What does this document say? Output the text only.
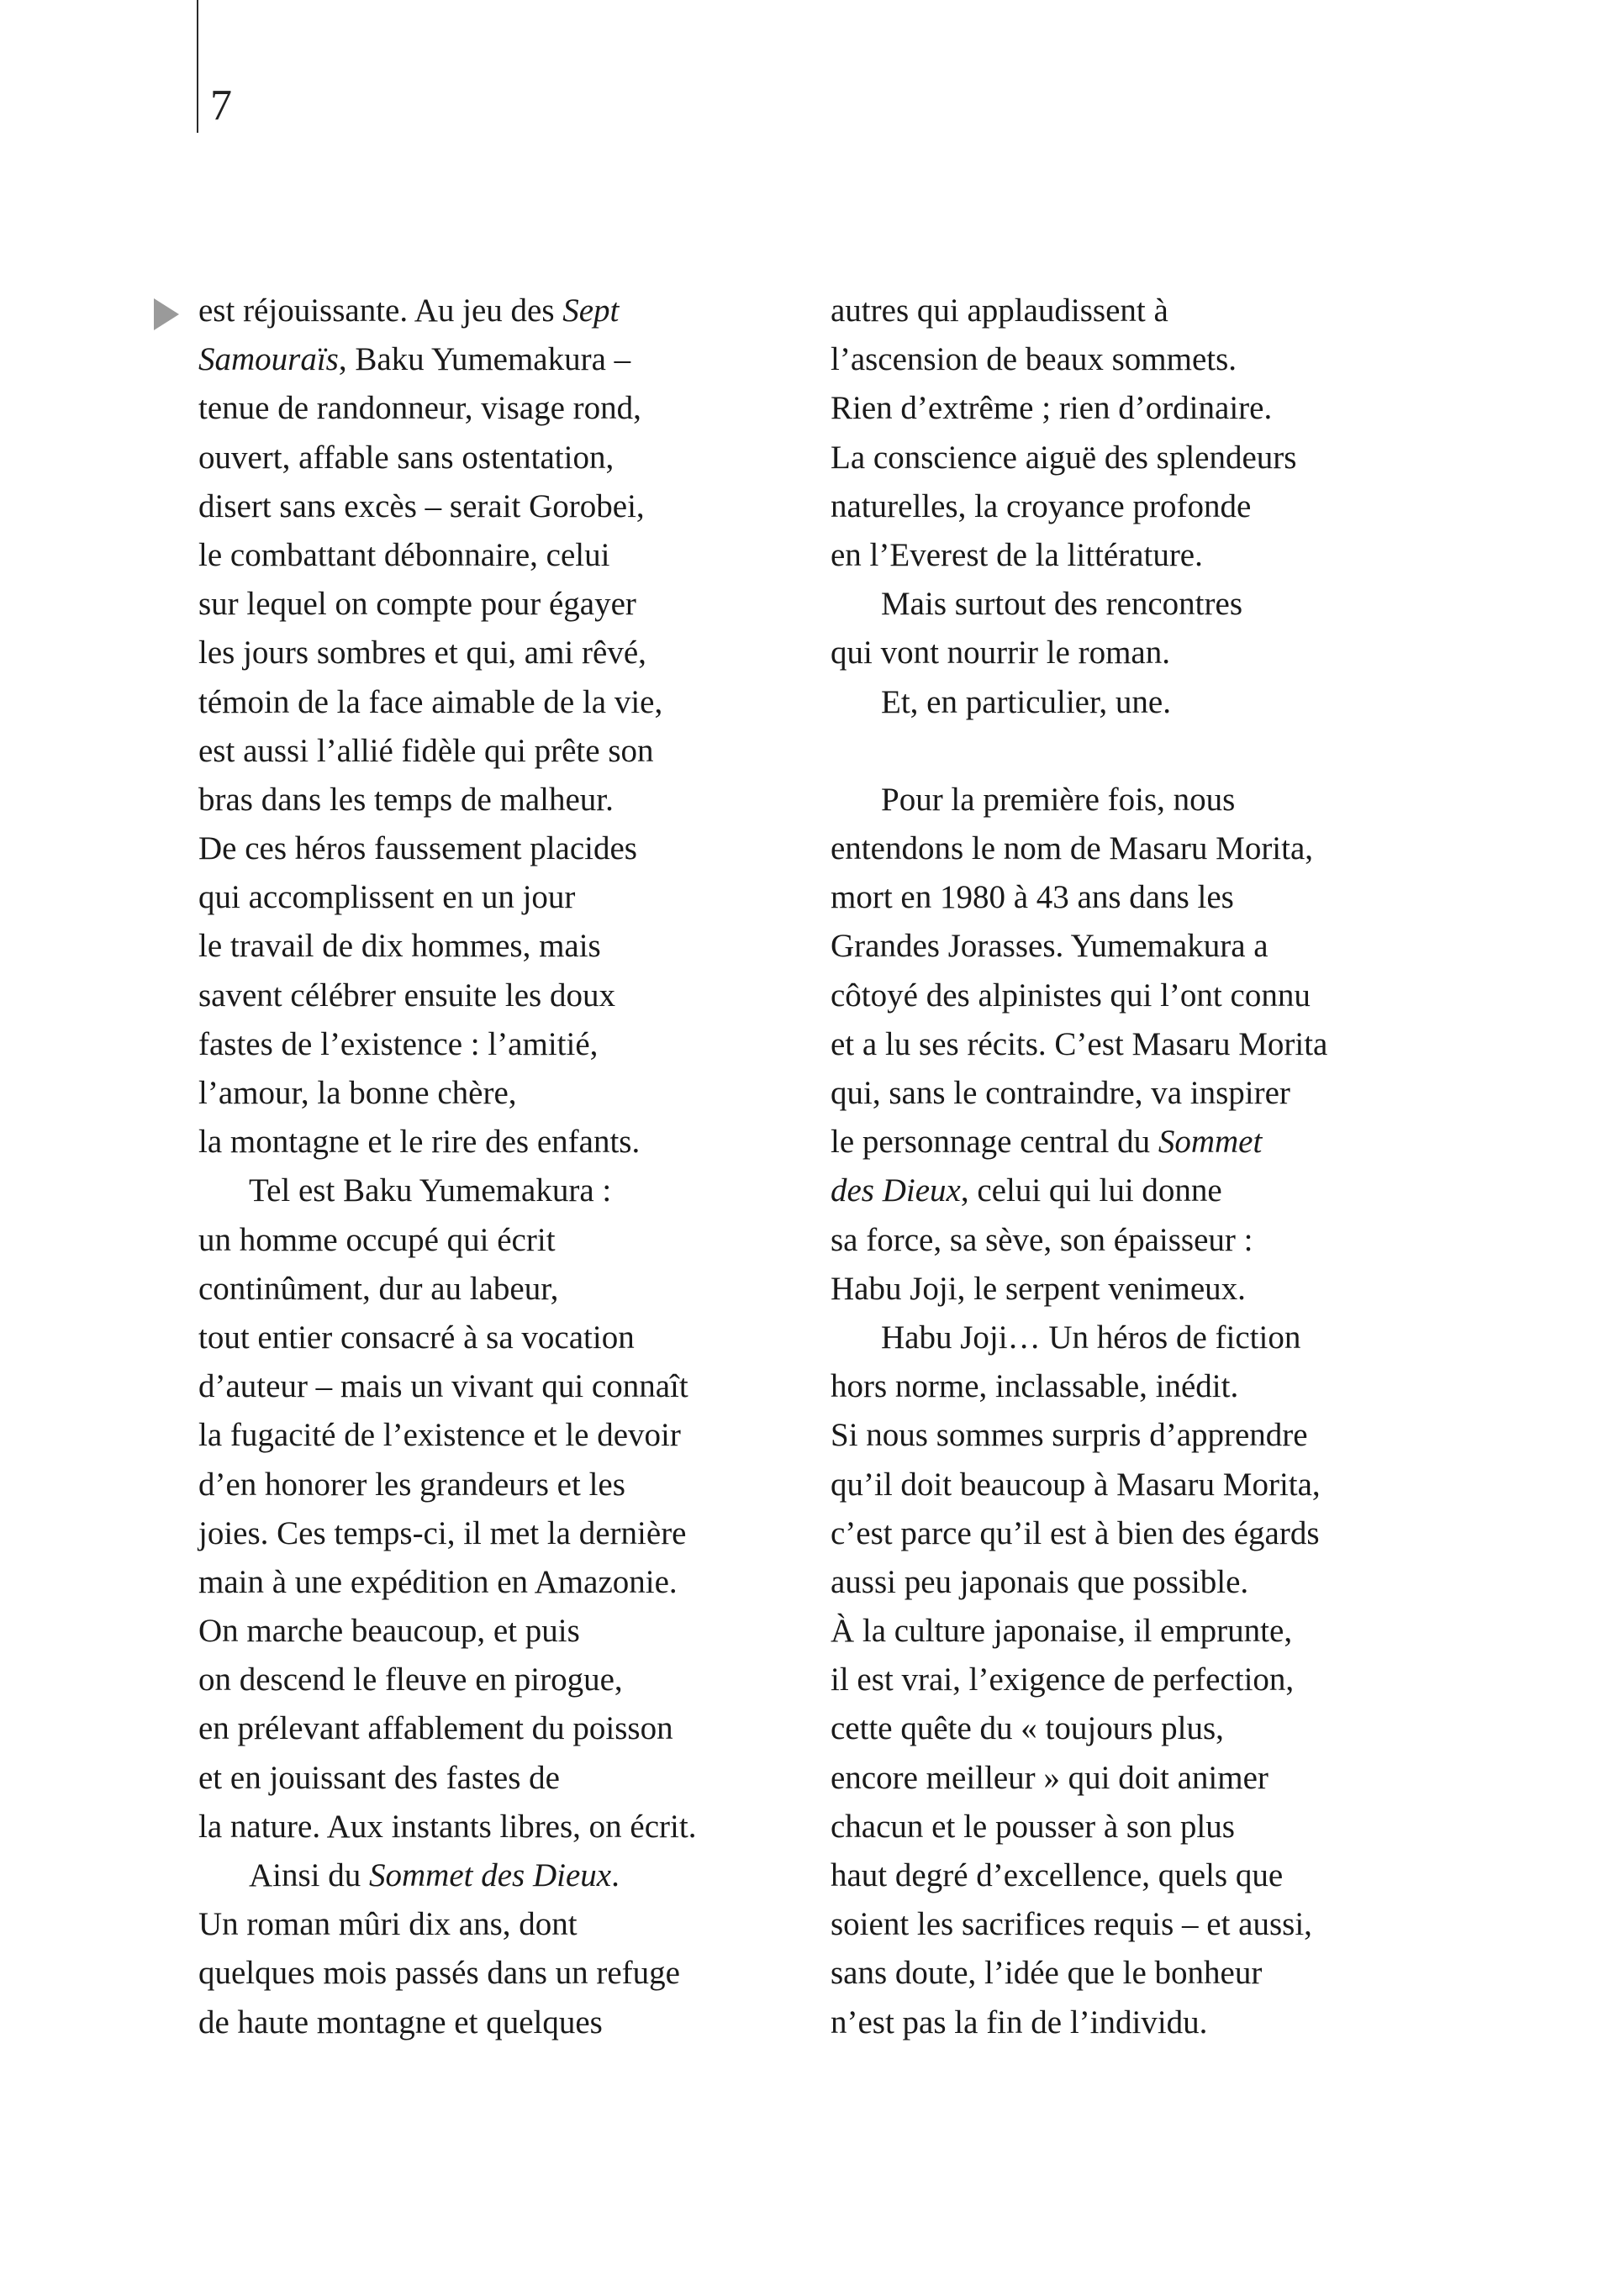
7
est réjouissante. Au jeu des Sept
Samouraïs, Baku Yumemakura –
tenue de randonneur, visage rond,
ouvert, affable sans ostentation,
disert sans excès – serait Gorobei,
le combattant débonnaire, celui
sur lequel on compte pour égayer
les jours sombres et qui, ami rêvé,
témoin de la face aimable de la vie,
est aussi l’allié fidèle qui prête son
bras dans les temps de malheur.
De ces héros faussement placides
qui accomplissent en un jour
le travail de dix hommes, mais
savent célébrer ensuite les doux
fastes de l’existence : l’amitié,
l’amour, la bonne chère,
la montagne et le rire des enfants.
Tel est Baku Yumemakura :
un homme occupé qui écrit
continûment, dur au labeur,
tout entier consacré à sa vocation
d’auteur – mais un vivant qui connaît
la fugacité de l’existence et le devoir
d’en honorer les grandeurs et les
joies. Ces temps-ci, il met la dernière
main à une expédition en Amazonie.
On marche beaucoup, et puis
on descend le fleuve en pirogue,
en prélevant affablement du poisson
et en jouissant des fastes de
la nature. Aux instants libres, on écrit.
Ainsi du Sommet des Dieux.
Un roman mûri dix ans, dont
quelques mois passés dans un refuge
de haute montagne et quelques
autres qui applaudissent à
l’ascension de beaux sommets.
Rien d’extrême ; rien d’ordinaire.
La conscience aiguë des splendeurs
naturelles, la croyance profonde
en l’Everest de la littérature.
Mais surtout des rencontres
qui vont nourrir le roman.
Et, en particulier, une.
Pour la première fois, nous
entendons le nom de Masaru Morita,
mort en 1980 à 43 ans dans les
Grandes Jorasses. Yumemakura a
côtoyé des alpinistes qui l’ont connu
et a lu ses récits. C’est Masaru Morita
qui, sans le contraindre, va inspirer
le personnage central du Sommet
des Dieux, celui qui lui donne
sa force, sa sève, son épaisseur :
Habu Joji, le serpent venimeux.
Habu Joji… Un héros de fiction
hors norme, inclassable, inédit.
Si nous sommes surpris d’apprendre
qu’il doit beaucoup à Masaru Morita,
c’est parce qu’il est à bien des égards
aussi peu japonais que possible.
À la culture japonaise, il emprunte,
il est vrai, l’exigence de perfection,
cette quête du « toujours plus,
encore meilleur » qui doit animer
chacun et le pousser à son plus
haut degré d’excellence, quels que
soient les sacrifices requis – et aussi,
sans doute, l’idée que le bonheur
n’est pas la fin de l’individu.
